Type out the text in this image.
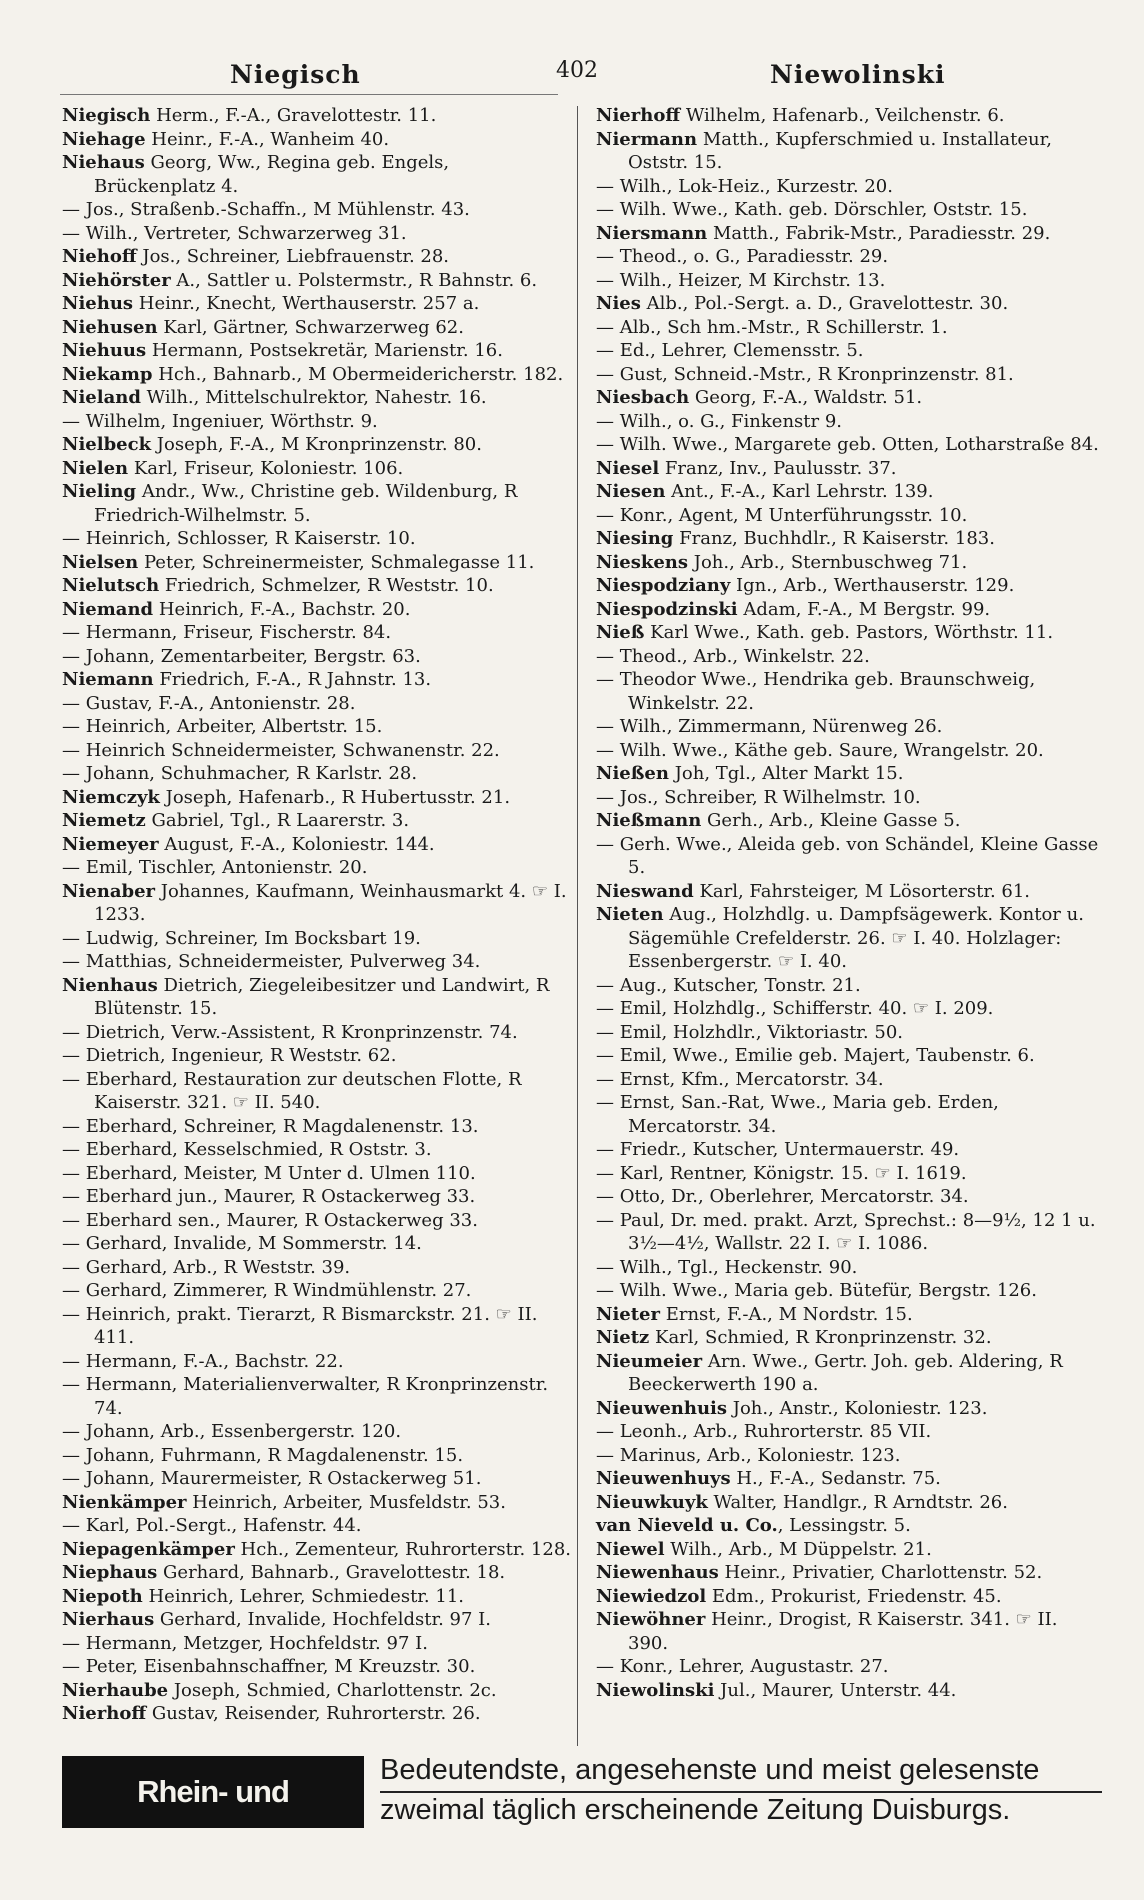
Niegisch	402	Niewolinski

Niegisch Herm., F.-A., Gravelottestr. 11.

Niehage Heinr., F.-A., Wanheim 40.

Niehaus Georg, Ww., Regina geb. Engels, Brückenplatz 4.

— Jos., Straßenb.-Schaffn., M Mühlenstr. 43.

— Wilh., Vertreter, Schwarzerweg 31.

Niehoff Jos., Schreiner, Liebfrauenstr. 28.

Niehörster A., Sattler u. Polstermstr., R Bahnstr. 6.

Niehus Heinr., Knecht, Werthauserstr. 257 a.

Niehusen Karl, Gärtner, Schwarzerweg 62.

Niehuus Hermann, Postsekretär, Marienstr. 16.

Niekamp Hch., Bahnarb., M Obermeidericherstr. 182.

Nieland Wilh., Mittelschulrektor, Nahestr. 16.

— Wilhelm, Ingeniuer, Wörthstr. 9.

Nielbeck Joseph, F.-A., M Kronprinzenstr. 80.

Nielen Karl, Friseur, Koloniestr. 106.

Nieling Andr., Ww., Christine geb. Wildenburg, R Friedrich-Wilhelmstr. 5.

— Heinrich, Schlosser, R Kaiserstr. 10.

Nielsen Peter, Schreinermeister, Schmalegasse 11.

Nielutsch Friedrich, Schmelzer, R Weststr. 10.

Niemand Heinrich, F.-A., Bachstr. 20.

— Hermann, Friseur, Fischerstr. 84.

— Johann, Zementarbeiter, Bergstr. 63.

Niemann Friedrich, F.-A., R Jahnstr. 13.

— Gustav, F.-A., Antonienstr. 28.

— Heinrich, Arbeiter, Albertstr. 15.

— Heinrich Schneidermeister, Schwanenstr. 22.

— Johann, Schuhmacher, R Karlstr. 28.

Niemczyk Joseph, Hafenarb., R Hubertusstr. 21.

Niemetz Gabriel, Tgl., R Laarerstr. 3.

Niemeyer August, F.-A., Koloniestr. 144.

— Emil, Tischler, Antonienstr. 20.

Nienaber Johannes, Kaufmann, Weinhausmarkt 4. ☞ I. 1233.

— Ludwig, Schreiner, Im Bocksbart 19.

— Matthias, Schneidermeister, Pulverweg 34.

Nienhaus Dietrich, Ziegeleibesitzer und Landwirt, R Blütenstr. 15.

— Dietrich, Verw.-Assistent, R Kronprinzenstr. 74.

— Dietrich, Ingenieur, R Weststr. 62.

— Eberhard, Restauration zur deutschen Flotte, R Kaiserstr. 321. ☞ II. 540.

— Eberhard, Schreiner, R Magdalenenstr. 13.

— Eberhard, Kesselschmied, R Oststr. 3.

— Eberhard, Meister, M Unter d. Ulmen 110.

— Eberhard jun., Maurer, R Ostackerweg 33.

— Eberhard sen., Maurer, R Ostackerweg 33.

— Gerhard, Invalide, M Sommerstr. 14.

— Gerhard, Arb., R Weststr. 39.

— Gerhard, Zimmerer, R Windmühlenstr. 27.

— Heinrich, prakt. Tierarzt, R Bismarckstr. 21. ☞ II. 411.

— Hermann, F.-A., Bachstr. 22.

— Hermann, Materialienverwalter, R Kronprinzenstr. 74.

— Johann, Arb., Essenbergerstr. 120.

— Johann, Fuhrmann, R Magdalenenstr. 15.

— Johann, Maurermeister, R Ostackerweg 51.

Nienkämper Heinrich, Arbeiter, Musfeldstr. 53.

— Karl, Pol.-Sergt., Hafenstr. 44.

Niepagenkämper Hch., Zementeur, Ruhrorterstr. 128.

Niephaus Gerhard, Bahnarb., Gravelottestr. 18.

Niepoth Heinrich, Lehrer, Schmiedestr. 11.

Nierhaus Gerhard, Invalide, Hochfeldstr. 97 I.

— Hermann, Metzger, Hochfeldstr. 97 I.

— Peter, Eisenbahnschaffner, M Kreuzstr. 30.

Nierhaube Joseph, Schmied, Charlottenstr. 2c.

Nierhoff Gustav, Reisender, Ruhrorterstr. 26.

Nierhoff Wilhelm, Hafenarb., Veilchenstr. 6.

Niermann Matth., Kupferschmied u. Installateur, Oststr. 15.

— Wilh., Lok-Heiz., Kurzestr. 20.

— Wilh. Wwe., Kath. geb. Dörschler, Oststr. 15.

Niersmann Matth., Fabrik-Mstr., Paradiesstr. 29.

— Theod., o. G., Paradiesstr. 29.

— Wilh., Heizer, M Kirchstr. 13.

Nies Alb., Pol.-Sergt. a. D., Gravelottestr. 30.

— Alb., Sch hm.-Mstr., R Schillerstr. 1.

— Ed., Lehrer, Clemensstr. 5.

— Gust, Schneid.-Mstr., R Kronprinzenstr. 81.

Niesbach Georg, F.-A., Waldstr. 51.

— Wilh., o. G., Finkenstr 9.

— Wilh. Wwe., Margarete geb. Otten, Lotharstraße 84.

Niesel Franz, Inv., Paulusstr. 37.

Niesen Ant., F.-A., Karl Lehrstr. 139.

— Konr., Agent, M Unterführungsstr. 10.

Niesing Franz, Buchhdlr., R Kaiserstr. 183.

Nieskens Joh., Arb., Sternbuschweg 71.

Niespodziany Ign., Arb., Werthauserstr. 129.

Niespodzinski Adam, F.-A., M Bergstr. 99.

Nieß Karl Wwe., Kath. geb. Pastors, Wörthstr. 11.

— Theod., Arb., Winkelstr. 22.

— Theodor Wwe., Hendrika geb. Braunschweig, Winkelstr. 22.

— Wilh., Zimmermann, Nürenweg 26.

— Wilh. Wwe., Käthe geb. Saure, Wrangelstr. 20.

Nießen Joh, Tgl., Alter Markt 15.

— Jos., Schreiber, R Wilhelmstr. 10.

Nießmann Gerh., Arb., Kleine Gasse 5.

— Gerh. Wwe., Aleida geb. von Schändel, Kleine Gasse 5.

Nieswand Karl, Fahrsteiger, M Lösorterstr. 61.

Nieten Aug., Holzhdlg. u. Dampfsägewerk. Kontor u. Sägemühle Crefelderstr. 26. ☞ I. 40. Holzlager: Essenbergerstr. ☞ I. 40.

— Aug., Kutscher, Tonstr. 21.

— Emil, Holzhdlg., Schifferstr. 40. ☞ I. 209.

— Emil, Holzhdlr., Viktoriastr. 50.

— Emil, Wwe., Emilie geb. Majert, Taubenstr. 6.

— Ernst, Kfm., Mercatorstr. 34.

— Ernst, San.-Rat, Wwe., Maria geb. Erden, Mercatorstr. 34.

— Friedr., Kutscher, Untermauerstr. 49.

— Karl, Rentner, Königstr. 15. ☞ I. 1619.

— Otto, Dr., Oberlehrer, Mercatorstr. 34.

— Paul, Dr. med. prakt. Arzt, Sprechst.: 8—9½, 12 1 u. 3½—4½, Wallstr. 22 I. ☞ I. 1086.

— Wilh., Tgl., Heckenstr. 90.

— Wilh. Wwe., Maria geb. Bütefür, Bergstr. 126.

Nieter Ernst, F.-A., M Nordstr. 15.

Nietz Karl, Schmied, R Kronprinzenstr. 32.

Nieumeier Arn. Wwe., Gertr. Joh. geb. Aldering, R Beeckerwerth 190 a.

Nieuwenhuis Joh., Anstr., Koloniestr. 123.

— Leonh., Arb., Ruhrorterstr. 85 VII.

— Marinus, Arb., Koloniestr. 123.

Nieuwenhuys H., F.-A., Sedanstr. 75.

Nieuwkuyk Walter, Handlgr., R Arndtstr. 26.

van Nieveld u. Co., Lessingstr. 5.

Niewel Wilh., Arb., M Düppelstr. 21.

Niewenhaus Heinr., Privatier, Charlottenstr. 52.

Niewiedzol Edm., Prokurist, Friedenstr. 45.

Niewöhner Heinr., Drogist, R Kaiserstr. 341. ☞ II. 390.

— Konr., Lehrer, Augustastr. 27.

Niewolinski Jul., Maurer, Unterstr. 44.

Rhein- und Ruhrzeitung
Bedeutendste, angesehenste und meist gelesenste
zweimal täglich erscheinende Zeitung Duisburgs.
